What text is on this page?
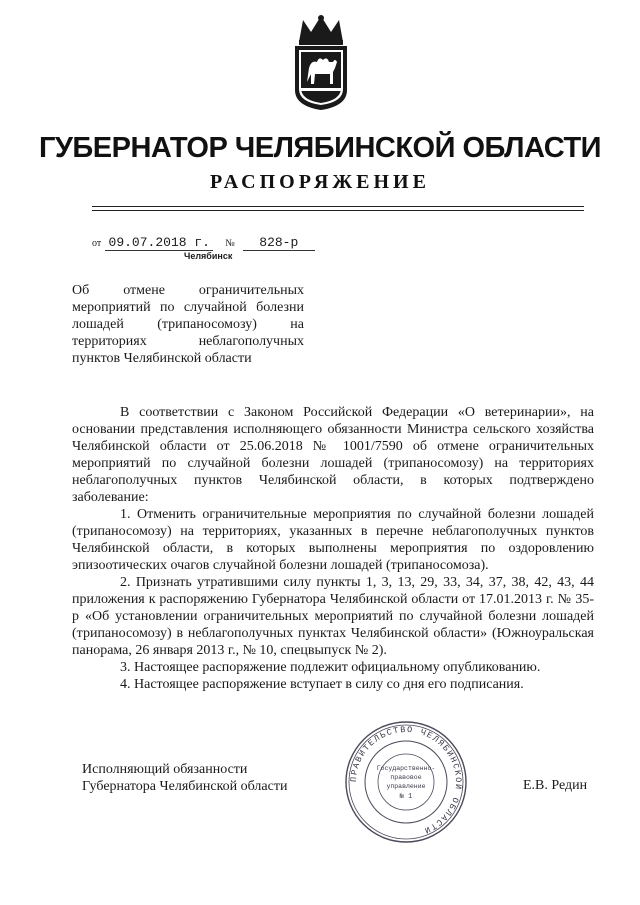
ГУБЕРНАТОР ЧЕЛЯБИНСКОЙ ОБЛАСТИ
РАСПОРЯЖЕНИЕ
от 09.07.2018 г. № 828-р
Челябинск
Об отмене ограничительных
мероприятий по случайной болезни
лошадей (трипаносомозу) на
территориях неблагополучных
пунктов Челябинской области

В соответствии с Законом Российской Федерации «О ветеринарии», на основании представления исполняющего обязанности Министра сельского хозяйства Челябинской области от 25.06.2018 № 1001/7590 об отмене ограничительных мероприятий по случайной болезни лошадей (трипаносомозу) на территориях неблагополучных пунктов Челябинской области, в которых подтверждено заболевание:

1. Отменить ограничительные мероприятия по случайной болезни лошадей (трипаносомозу) на территориях, указанных в перечне неблагополучных пунктов Челябинской области, в которых выполнены мероприятия по оздоровлению эпизоотических очагов случайной болезни лошадей (трипаносомоза).

2. Признать утратившими силу пункты 1, 3, 13, 29, 33, 34, 37, 38, 42, 43, 44 приложения к распоряжению Губернатора Челябинской области от 17.01.2013 г. № 35-р «Об установлении ограничительных мероприятий по случайной болезни лошадей (трипаносомозу) в неблагополучных пунктах Челябинской области» (Южноуральская панорама, 26 января 2013 г., № 10, спецвыпуск № 2).

3. Настоящее распоряжение подлежит официальному опубликованию.

4. Настоящее распоряжение вступает в силу со дня его подписания.

Исполняющий обязанности
Губернатора Челябинской области	Е.В. Редин
ПРАВИТЕЛЬСТВО ЧЕЛЯБИНСКОЙ ОБЛАСТИ
Государственно-
правовое
управление
№ 1
